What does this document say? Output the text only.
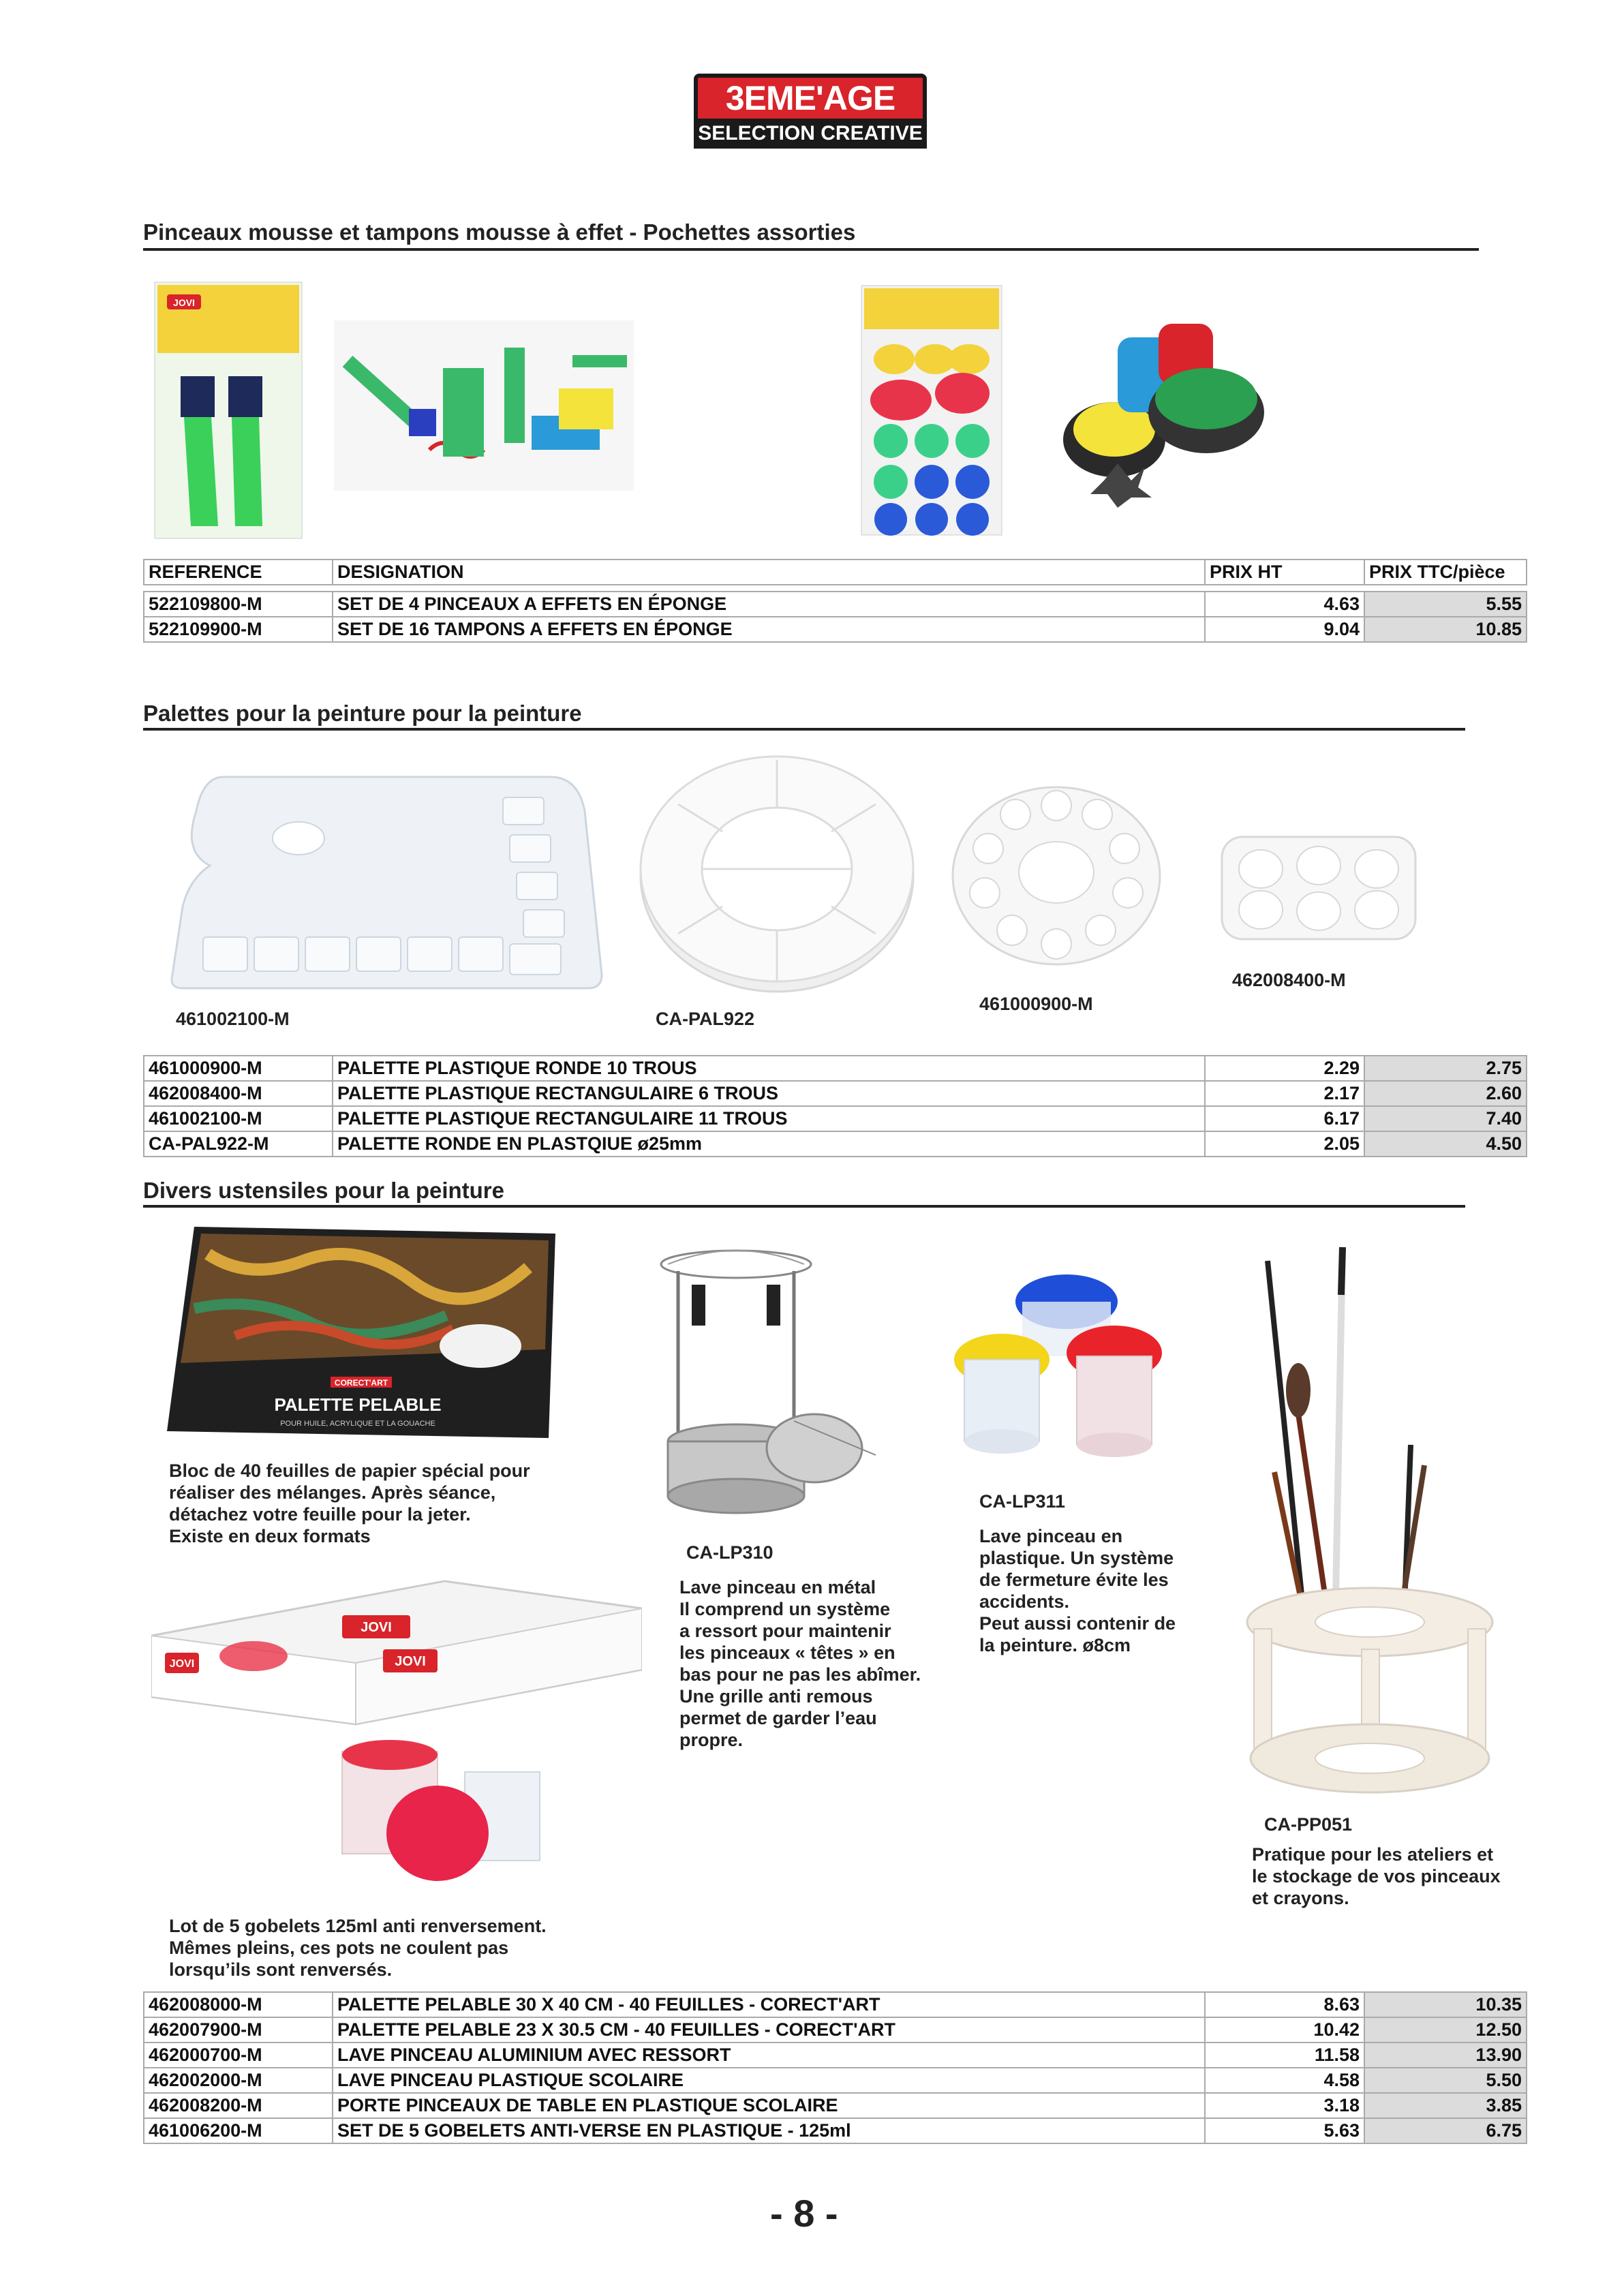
3EME'AGE
SELECTION CREATIVE
Pinceaux mousse et tampons mousse à effet - Pochettes assorties
JOVI
REFERENCE	DESIGNATION	PRIX HT	PRIX TTC/pièce

522109800-M	SET DE 4 PINCEAUX A EFFETS EN ÉPONGE	4.63	5.55
522109900-M	SET DE 16 TAMPONS A EFFETS EN ÉPONGE	9.04	10.85
Palettes pour la peinture pour la peinture
461002100-M	CA-PAL922
461000900-M
462008400-M
461000900-M	PALETTE PLASTIQUE RONDE 10 TROUS	2.29	2.75
462008400-M	PALETTE PLASTIQUE RECTANGULAIRE 6 TROUS	2.17	2.60
461002100-M	PALETTE PLASTIQUE RECTANGULAIRE 11 TROUS	6.17	7.40
CA-PAL922-M	PALETTE RONDE EN PLASTQIUE ø25mm	2.05	4.50
Divers ustensiles pour la peinture
CORECT'ART
PALETTE PELABLE
POUR HUILE, ACRYLIQUE ET LA GOUACHE
Bloc de 40 feuilles de papier spécial pour
réaliser des mélanges. Après séance,
détachez votre feuille pour la jeter.
Existe en deux formats
CA-LP310
Lave pinceau en métal
Il comprend un système
a ressort pour maintenir
les pinceaux « têtes » en
bas pour ne pas les abîmer.
Une grille anti remous
permet de garder l’eau
propre.
CA-LP311
Lave pinceau en
plastique. Un système
de fermeture évite les
accidents.
Peut aussi contenir de
la peinture. ø8cm
CA-PP051
Pratique pour les ateliers et
le stockage de vos pinceaux
et crayons.
JOVI	JOVI
JOVI
Lot de 5 gobelets 125ml anti renversement.
Mêmes pleins, ces pots ne coulent pas
lorsqu’ils sont renversés.
462008000-M	PALETTE PELABLE 30 X 40 CM - 40 FEUILLES - CORECT'ART	8.63	10.35
462007900-M	PALETTE PELABLE 23 X 30.5 CM - 40 FEUILLES - CORECT'ART	10.42	12.50
462000700-M	LAVE PINCEAU ALUMINIUM AVEC RESSORT	11.58	13.90
462002000-M	LAVE PINCEAU PLASTIQUE SCOLAIRE	4.58	5.50
462008200-M	PORTE PINCEAUX DE TABLE EN PLASTIQUE SCOLAIRE	3.18	3.85
461006200-M	SET DE 5 GOBELETS ANTI-VERSE EN PLASTIQUE - 125ml	5.63	6.75
- 8 -
